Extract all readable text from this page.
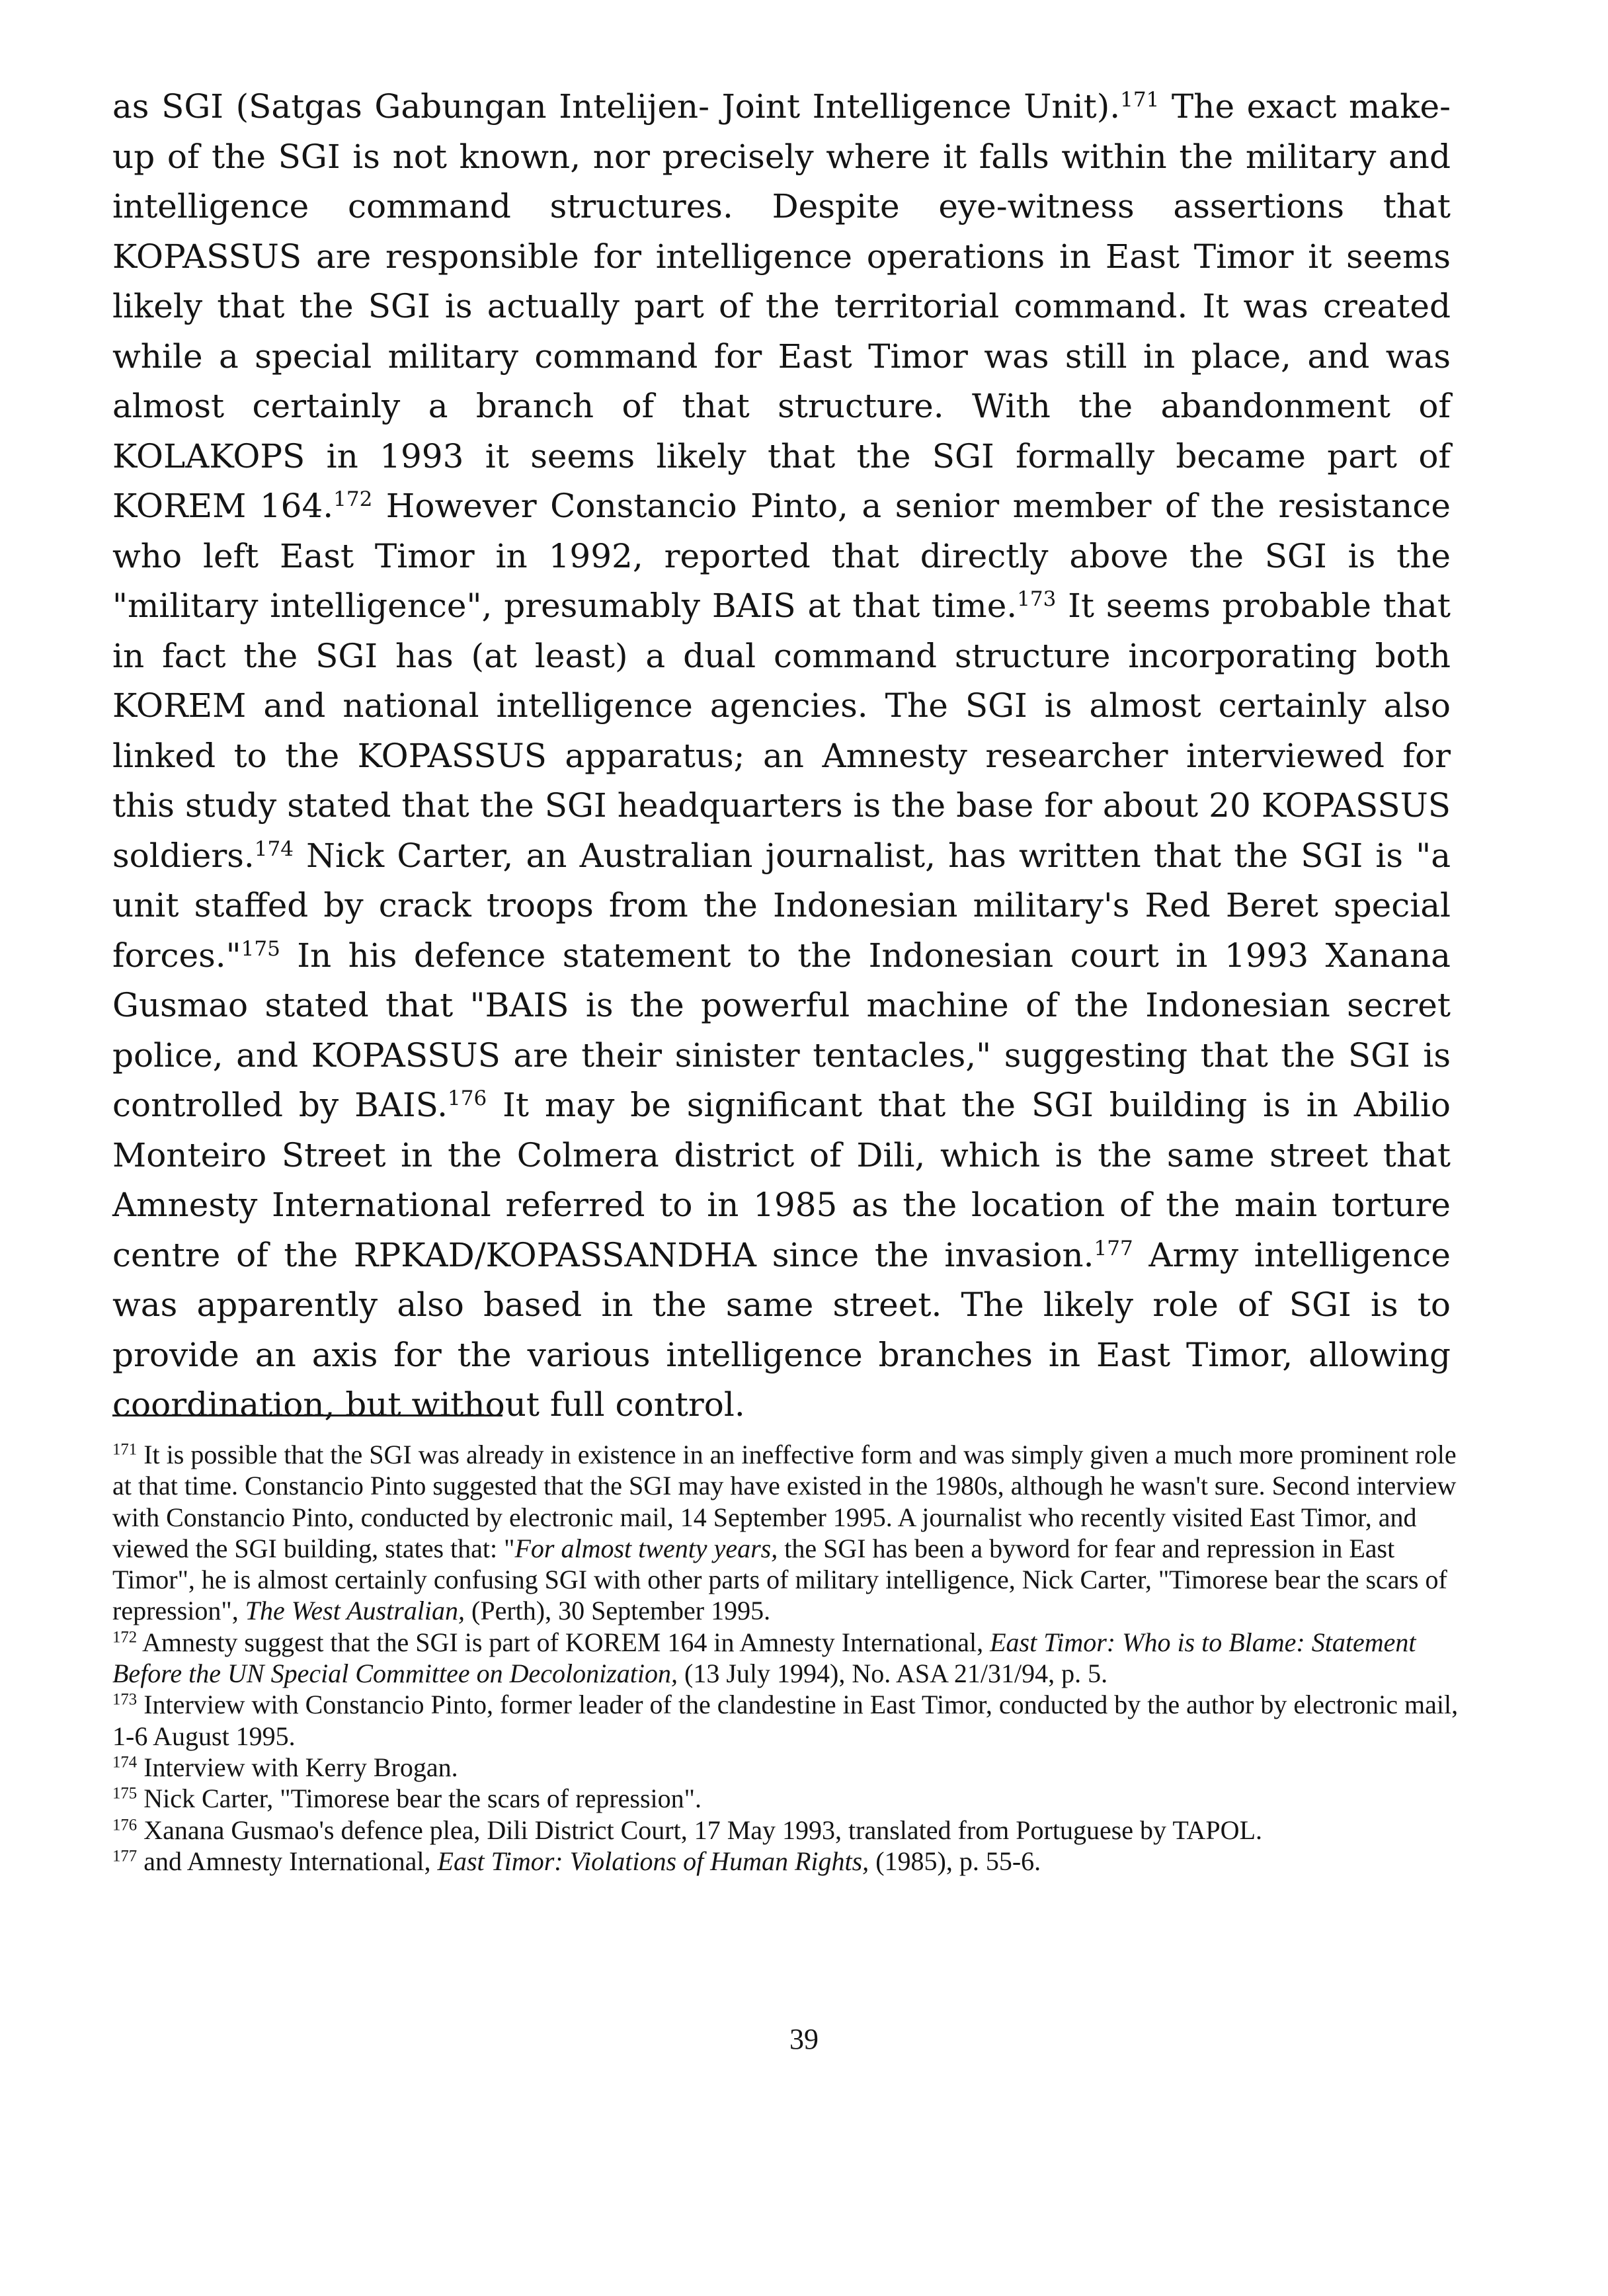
as SGI (Satgas Gabungan Intelijen- Joint Intelligence Unit).$^{171}$ The exact make-up of the SGI is not known, nor precisely where it falls within the military and intelligence command structures. Despite eye-witness assertions that KOPASSUS are responsible for intelligence operations in East Timor it seems likely that the SGI is actually part of the territorial command. It was created while a special military command for East Timor was still in place, and was almost certainly a branch of that structure. With the abandonment of KOLAKOPS in 1993 it seems likely that the SGI formally became part of KOREM 164.$^{172}$ However Constancio Pinto, a senior member of the resistance who left East Timor in 1992, reported that directly above the SGI is the "military intelligence", presumably BAIS at that time.$^{173}$ It seems probable that in fact the SGI has (at least) a dual command structure incorporating both KOREM and national intelligence agencies. The SGI is almost certainly also linked to the KOPASSUS apparatus; an Amnesty researcher interviewed for this study stated that the SGI headquarters is the base for about 20 KOPASSUS soldiers.$^{174}$ Nick Carter, an Australian journalist, has written that the SGI is "a unit staffed by crack troops from the Indonesian military's Red Beret special forces."$^{175}$ In his defence statement to the Indonesian court in 1993 Xanana Gusmao stated that "BAIS is the powerful machine of the Indonesian secret police, and KOPASSUS are their sinister tentacles," suggesting that the SGI is controlled by BAIS.$^{176}$ It may be significant that the SGI building is in Abilio Monteiro Street in the Colmera district of Dili, which is the same street that Amnesty International referred to in 1985 as the location of the main torture centre of the RPKAD/KOPASSANDHA since the invasion.$^{177}$ Army intelligence was apparently also based in the same street. The likely role of SGI is to provide an axis for the various intelligence branches in East Timor, allowing coordination, but without full control.

$^{171}$ It is possible that the SGI was already in existence in an ineffective form and was simply given a much more prominent role at that time. Constancio Pinto suggested that the SGI may have existed in the 1980s, although he wasn't sure. Second interview with Constancio Pinto, conducted by electronic mail, 14 September 1995. A journalist who recently visited East Timor, and viewed the SGI building, states that: "For almost twenty years, the SGI has been a byword for fear and repression in East Timor", he is almost certainly confusing SGI with other parts of military intelligence, Nick Carter, "Timorese bear the scars of repression", The West Australian, (Perth), 30 September 1995.

$^{172}$ Amnesty suggest that the SGI is part of KOREM 164 in Amnesty International, East Timor: Who is to Blame: Statement Before the UN Special Committee on Decolonization, (13 July 1994), No. ASA 21/31/94, p. 5.

$^{173}$ Interview with Constancio Pinto, former leader of the clandestine in East Timor, conducted by the author by electronic mail, 1-6 August 1995.

$^{174}$ Interview with Kerry Brogan.

$^{175}$ Nick Carter, "Timorese bear the scars of repression".

$^{176}$ Xanana Gusmao's defence plea, Dili District Court, 17 May 1993, translated from Portuguese by TAPOL.

$^{177}$ and Amnesty International, East Timor: Violations of Human Rights, (1985), p. 55-6.

39
